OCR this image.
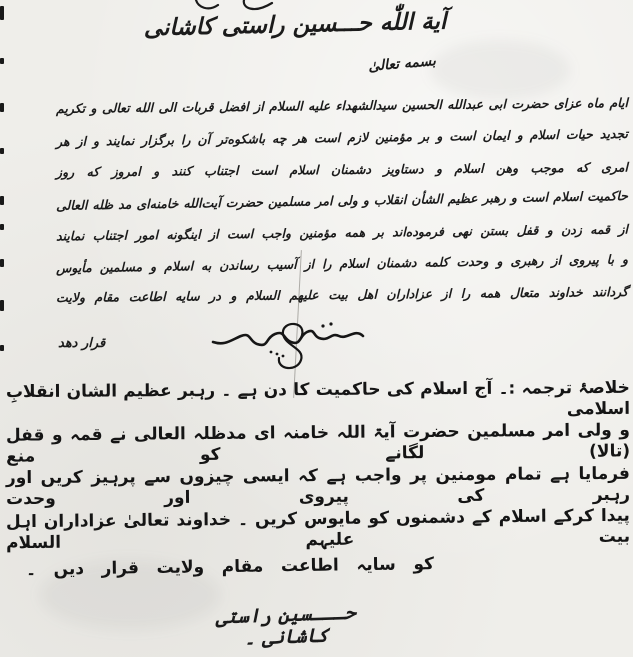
آیة اللّٰه حـــسین راستی کاشانی
بسمه تعالیٰ
ایام ماه عزای حضرت ابی عبدالله الحسین سیدالشهداء علیه السلام از افضل قربات الی الله تعالی و تکریم
تجدید حیات اسلام و ایمان است و بر مؤمنین لازم است هر چه باشکوه‌تر آن را برگزار نمایند و از هر
امری که موجب وهن اسلام و دستاویز دشمنان اسلام است اجتناب کنند و امروز که روز
حاکمیت اسلام است و رهبر عظیم الشأن انقلاب و ولی امر مسلمین حضرت آیت‌الله خامنه‌ای مد ظله العالی
از قمه زدن و قفل بستن نهی فرموده‌اند بر همه مؤمنین واجب است از اینگونه امور اجتناب نمایند
و با پیروی از رهبری و وحدت کلمه دشمنان اسلام را از آسیب رساندن به اسلام و مسلمین مأیوس
گردانند خداوند متعال همه را از عزاداران اهل بیت علیهم السلام و در سایه اطاعت مقام ولایت
قرار دهد
خلاصۂ ترجمہ :۔ آج اسلام کی حاکمیت کا دن ہے ۔ رہبر عظیم الشان انقلابِ اسلامی
و ولی امر مسلمین حضرت آیۃ اللہ خامنہ ای مدظلہ العالی نے قمہ و قفل (تالا) لگانے کو منع
فرمایا ہے تمام مومنین پر واجب ہے کہ ایسی چیزوں سے پرہیز کریں اور رہبر کی پیروی اور وحدت
پیدا کرکے اسلام کے دشمنوں کو مایوس کریں ۔ خداوند تعالیٰ عزاداران اہل بیت علیہم السلام
کو سایہ اطاعت مقام ولایت قرار دیں ۔
حـــسین راستی کاشانی ۔
